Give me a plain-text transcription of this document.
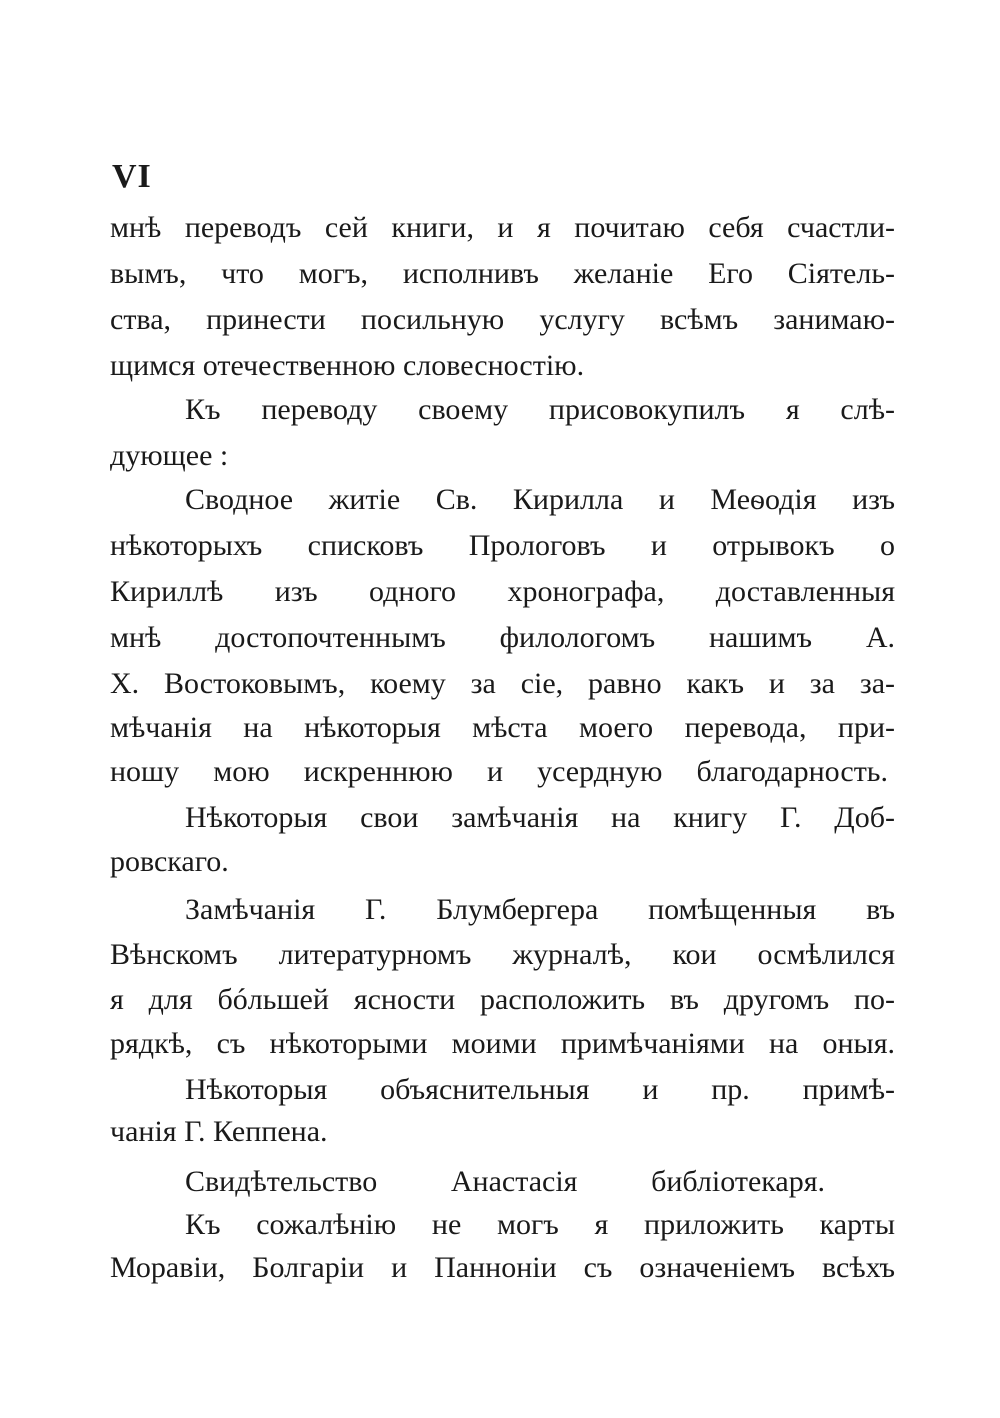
VI
мнѣ переводъ сей книги, и я почитаю себя счастли-
вымъ, что могъ, исполнивъ желаніе Его Сіятель-
ства, принести посильную услугу всѣмъ занимаю-
щимся отечественною словесностію.
Къ переводу своему присовокупилъ я слѣ-
дующее :
Сводное житіе Св. Кирилла и Меѳодія изъ
нѣкоторыхъ списковъ Прологовъ и отрывокъ о
Кириллѣ изъ одного хронографа, доставленныя
мнѣ достопочтеннымъ филологомъ нашимъ А.
Х. Востоковымъ, коему за сіе, равно какъ и за за-
мѣчанія на нѣкоторыя мѣста моего перевода, при-
ношу мою искреннюю и усердную благодарность.
Нѣкоторыя свои замѣчанія на книгу Г. Доб-
ровскаго.
Замѣчанія Г. Блумбергера помѣщенныя въ
Вѣнскомъ литературномъ журналѣ, кои осмѣлился
я для бóльшей ясности расположить въ другомъ по-
рядкѣ, съ нѣкоторыми моими примѣчаніями на оныя.
Нѣкоторыя объяснительныя и пр. примѣ-
чанія Г. Кеппена.
Свидѣтельство Анастасія библіотекаря.
Къ сожалѣнію не могъ я приложить карты
Моравіи, Болгаріи и Панноніи съ означеніемъ всѣхъ
